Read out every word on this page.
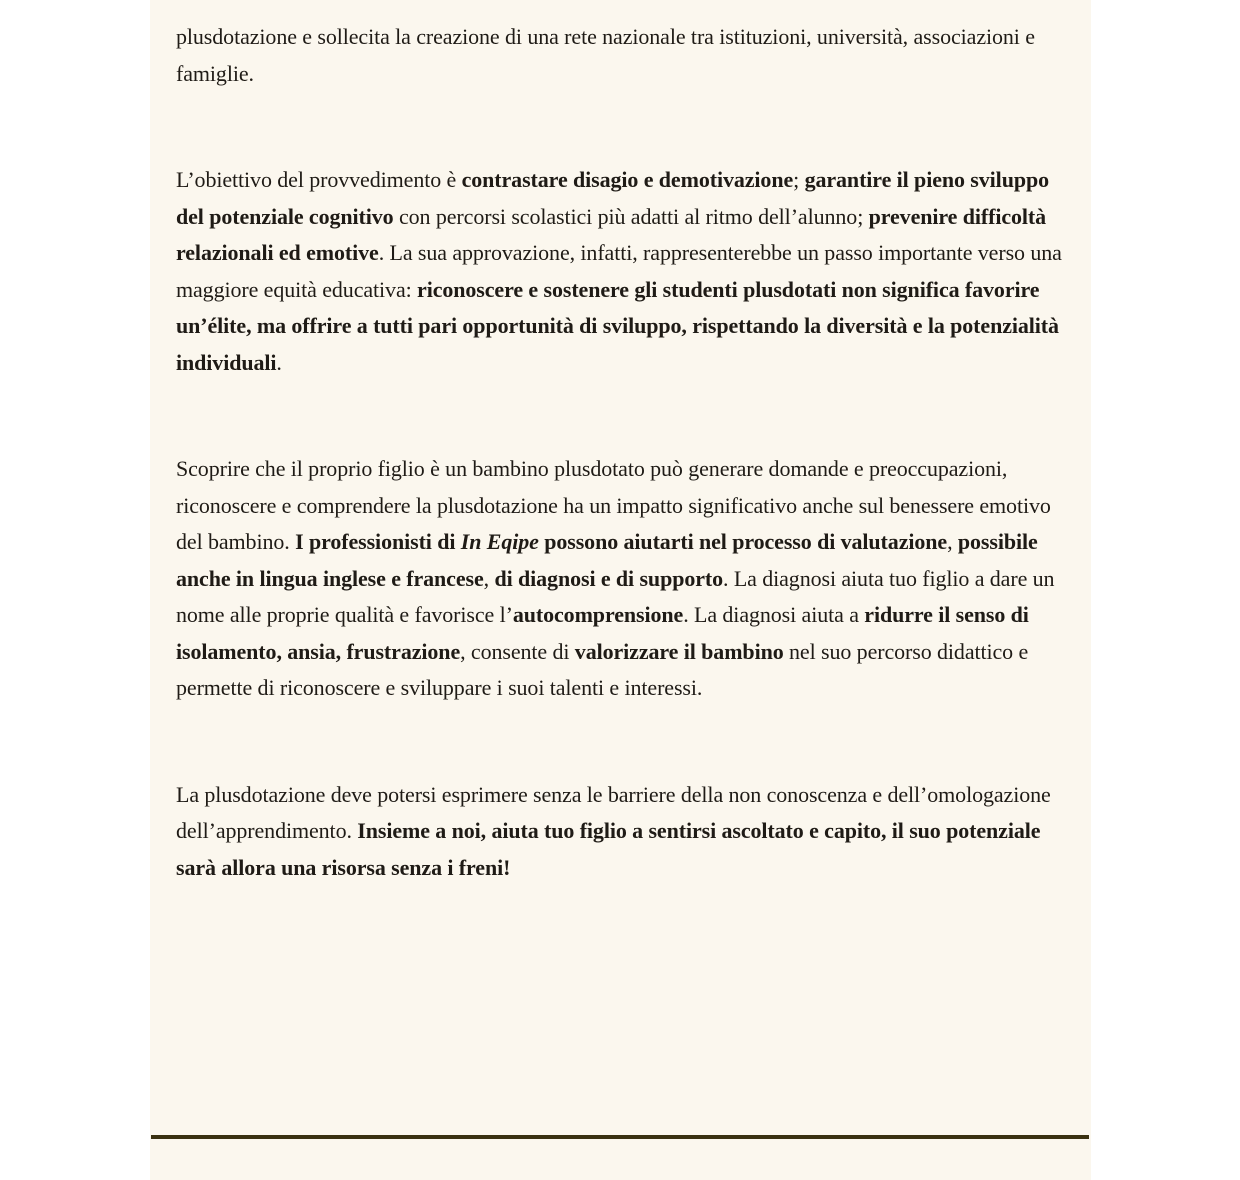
plusdotazione e sollecita la creazione di una rete nazionale tra istituzioni, università, associazioni e famiglie.

L’obiettivo del provvedimento è contrastare disagio e demotivazione; garantire il pieno sviluppo del potenziale cognitivo con percorsi scolastici più adatti al ritmo dell’alunno; prevenire difficoltà relazionali ed emotive. La sua approvazione, infatti, rappresenterebbe un passo importante verso una maggiore equità educativa: riconoscere e sostenere gli studenti plusdotati non significa favorire un’élite, ma offrire a tutti pari opportunità di sviluppo, rispettando la diversità e la potenzialità individuali.

Scoprire che il proprio figlio è un bambino plusdotato può generare domande e preoccupazioni, riconoscere e comprendere la plusdotazione ha un impatto significativo anche sul benessere emotivo del bambino. I professionisti di In Eqipe possono aiutarti nel processo di valutazione, possibile anche in lingua inglese e francese, di diagnosi e di supporto. La diagnosi aiuta tuo figlio a dare un nome alle proprie qualità e favorisce l’autocomprensione. La diagnosi aiuta a ridurre il senso di isolamento, ansia, frustrazione, consente di valorizzare il bambino nel suo percorso didattico e permette di riconoscere e sviluppare i suoi talenti e interessi.

La plusdotazione deve potersi esprimere senza le barriere della non conoscenza e dell’omologazione dell’apprendimento. Insieme a noi, aiuta tuo figlio a sentirsi ascoltato e capito, il suo potenziale sarà allora una risorsa senza i freni!
